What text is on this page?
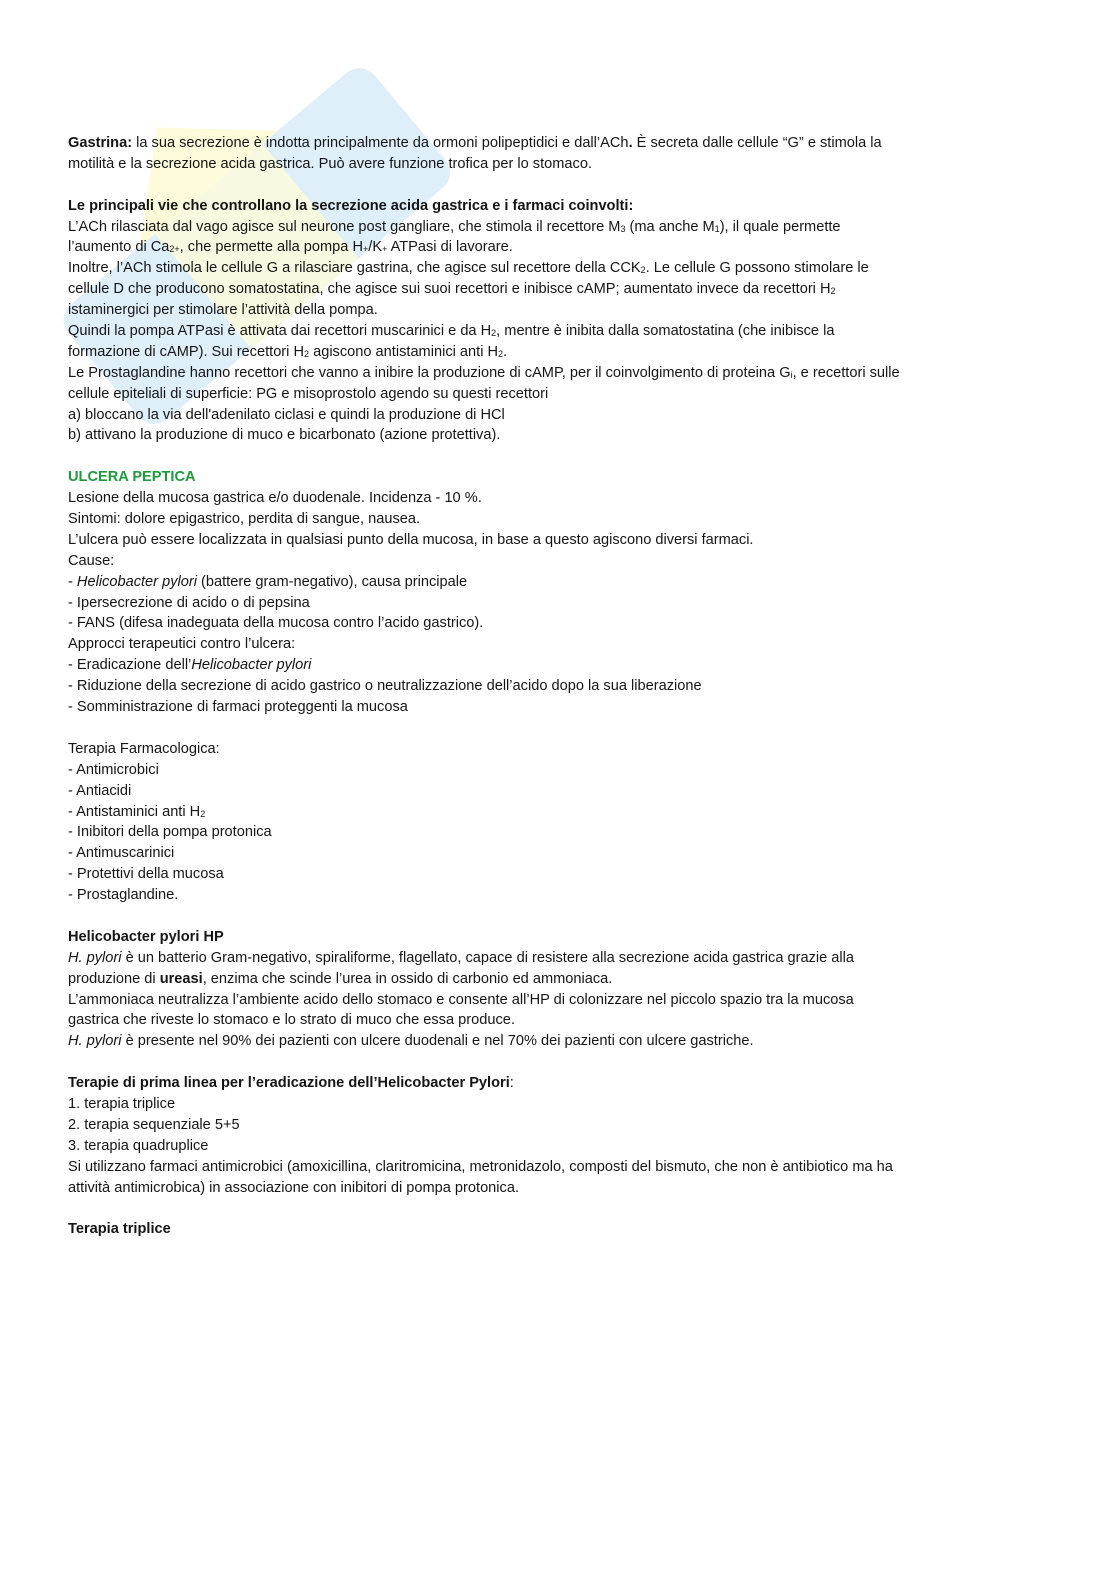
Gastrina: la sua secrezione è indotta principalmente da ormoni polipeptidici e dall’ACh. È secreta dalle cellule “G” e stimola la
motilità e la secrezione acida gastrica. Può avere funzione trofica per lo stomaco.
Le principali vie che controllano la secrezione acida gastrica e i farmaci coinvolti:
L’ACh rilasciata dal vago agisce sul neurone post gangliare, che stimola il recettore M3 (ma anche M1), il quale permette
l’aumento di Ca2+, che permette alla pompa H+/K+ ATPasi di lavorare.
Inoltre, l’ACh stimola le cellule G a rilasciare gastrina, che agisce sul recettore della CCK2. Le cellule G possono stimolare le
cellule D che producono somatostatina, che agisce sui suoi recettori e inibisce cAMP; aumentato invece da recettori H2
istaminergici per stimolare l’attività della pompa.
Quindi la pompa ATPasi è attivata dai recettori muscarinici e da H2, mentre è inibita dalla somatostatina (che inibisce la
formazione di cAMP). Sui recettori H2 agiscono antistaminici anti H2.
Le Prostaglandine hanno recettori che vanno a inibire la produzione di cAMP, per il coinvolgimento di proteina Gi, e recettori sulle
cellule epiteliali di superficie: PG e misoprostolo agendo su questi recettori
a) bloccano la via dell'adenilato ciclasi e quindi la produzione di HCl
b) attivano la produzione di muco e bicarbonato (azione protettiva).
ULCERA PEPTICA
Lesione della mucosa gastrica e/o duodenale. Incidenza - 10 %.
Sintomi: dolore epigastrico, perdita di sangue, nausea.
L’ulcera può essere localizzata in qualsiasi punto della mucosa, in base a questo agiscono diversi farmaci.
Cause:
- Helicobacter pylori (battere gram-negativo), causa principale
- Ipersecrezione di acido o di pepsina
- FANS (difesa inadeguata della mucosa contro l’acido gastrico).
Approcci terapeutici contro l’ulcera:
- Eradicazione dell’Helicobacter pylori
- Riduzione della secrezione di acido gastrico o neutralizzazione dell’acido dopo la sua liberazione
- Somministrazione di farmaci proteggenti la mucosa
Terapia Farmacologica:
- Antimicrobici
- Antiacidi
- Antistaminici anti H2
- Inibitori della pompa protonica
- Antimuscarinici
- Protettivi della mucosa
- Prostaglandine.
Helicobacter pylori HP
H. pylori è un batterio Gram-negativo, spiraliforme, flagellato, capace di resistere alla secrezione acida gastrica grazie alla
produzione di ureasi, enzima che scinde l’urea in ossido di carbonio ed ammoniaca.
L’ammoniaca neutralizza l’ambiente acido dello stomaco e consente all’HP di colonizzare nel piccolo spazio tra la mucosa
gastrica che riveste lo stomaco e lo strato di muco che essa produce.
H. pylori è presente nel 90% dei pazienti con ulcere duodenali e nel 70% dei pazienti con ulcere gastriche.
Terapie di prima linea per l’eradicazione dell’Helicobacter Pylori:
1. terapia triplice
2. terapia sequenziale 5+5
3. terapia quadruplice
Si utilizzano farmaci antimicrobici (amoxicillina, claritromicina, metronidazolo, composti del bismuto, che non è antibiotico ma ha
attività antimicrobica) in associazione con inibitori di pompa protonica.
Terapia triplice
